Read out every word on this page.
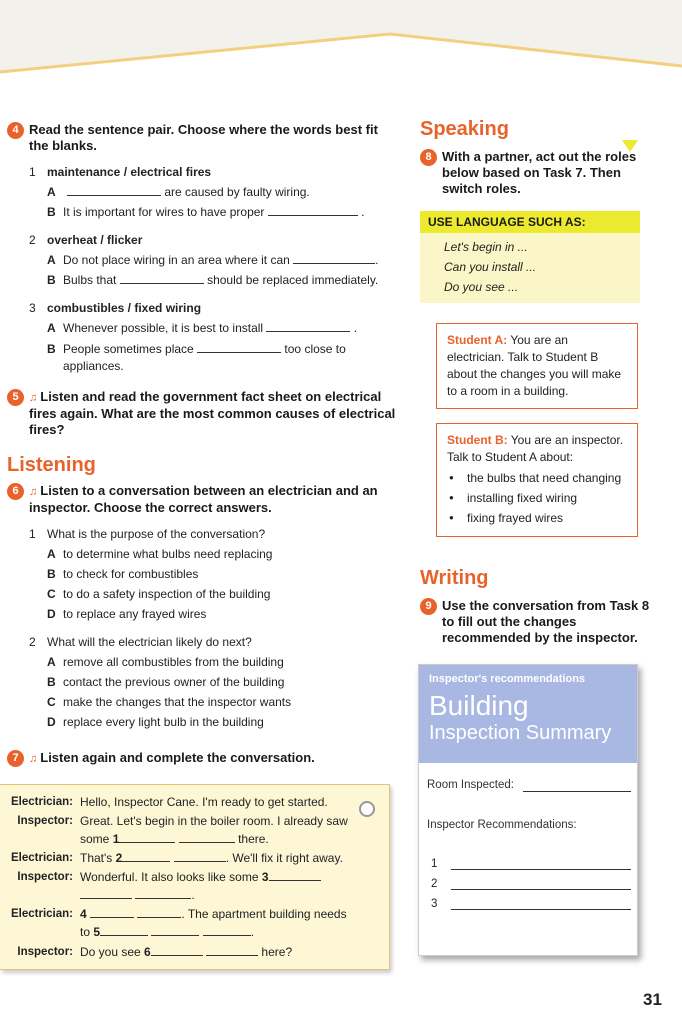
4 Read the sentence pair. Choose where the words best fit the blanks.
1 maintenance / electrical fires
A	are caused by faulty wiring.
B It is important for wires to have proper	.
2 overheat / flicker
A Do not place wiring in an area where it can	.
B Bulbs that	should be replaced immediately.
3 combustibles / fixed wiring
A Whenever possible, it is best to install	.
B People sometimes place	too close to
appliances.
5 ♫ Listen and read the government fact sheet on electrical fires again. What are the most common causes of electrical fires?
Listening
6 ♫ Listen to a conversation between an electrician and an inspector. Choose the correct answers.
1 What is the purpose of the conversation?
A to determine what bulbs need replacing
B to check for combustibles
C to do a safety inspection of the building
D to replace any frayed wires
2 What will the electrician likely do next?
A remove all combustibles from the building
B contact the previous owner of the building
C make the changes that the inspector wants
D replace every light bulb in the building
7 ♫ Listen again and complete the conversation.
Electrician: Hello, Inspector Cane. I'm ready to get started.
Inspector: Great. Let's begin in the boiler room. I already saw
some 1	there.
Electrician: That's 2	. We'll fix it right away.
Inspector: Wonderful. It also looks like some 3
.
Electrician: 4	. The apartment building needs
to 5	.
Inspector: Do you see 6	here?
Speaking
8 With a partner, act out the roles below based on Task 7. Then switch roles.
USE LANGUAGE SUCH AS:
Let's begin in ...
Can you install ...
Do you see ...
Student A: You are an electrician. Talk to Student B about the changes you will make to a room in a building.
Student B: You are an inspector. Talk to Student A about:
● the bulbs that need changing
● installing fixed wiring
● fixing frayed wires
Writing
9 Use the conversation from Task 8 to fill out the changes recommended by the inspector.
Inspector's recommendations
Building
Inspection Summary
Room Inspected:
Inspector Recommendations:
1
2
3
31
